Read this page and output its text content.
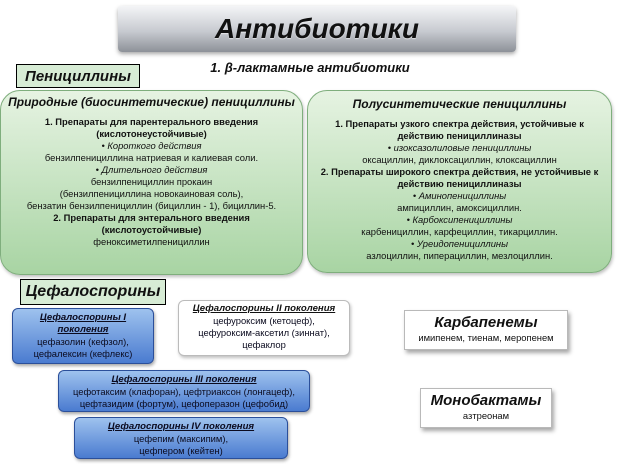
Антибиотики
Пенициллины	1. β-лактамные антибиотики
Природные (биосинтетические) пенициллины
1. Препараты для парентерального введения (кислотонеустойчивые)
• Короткого действия
бензилпенициллина натриевая и калиевая соли.
• Длительного действия
бензилпенициллин прокаин
(бензилпенициллина новокаиновая соль),
бензатин бензилпенициллин (бициллин - 1), бициллин-5.
2. Препараты для энтерального введения (кислотоустойчивые)
феноксиметилпенициллин
Полусинтетические пенициллины
1. Препараты узкого спектра действия, устойчивые к действию пенициллиназы
• изоксазолиловые пенициллины
оксациллин, диклоксациллин, клоксациллин
2. Препараты широкого спектра действия, не устойчивые к действию пенициллиназы
• Аминопенициллины
ампициллин, амоксициллин.
• Карбоксипенициллины
карбенициллин, карфециллин, тикарциллин.
• Уреидопенициллины
азлоциллин, пиперациллин, мезлоциллин.
Цефалоспорины
Цефалоспорины I поколения
цефазолин (кефзол),
цефалексин (кефлекс)
Цефалоспорины II поколения
цефуроксим (кетоцеф),
цефуроксим-аксетил (зиннат),
цефаклор
Цефалоспорины III поколения
цефотаксим (клафоран), цефтриаксон (лонгацеф),
цефтазидим (фортум), цефоперазон (цефобид)
Цефалоспорины IV поколения
цефепим (максипим),
цефпером (кейтен)
Карбапенемы
имипенем, тиенам, меропенем
Монобактамы
азтреонам
